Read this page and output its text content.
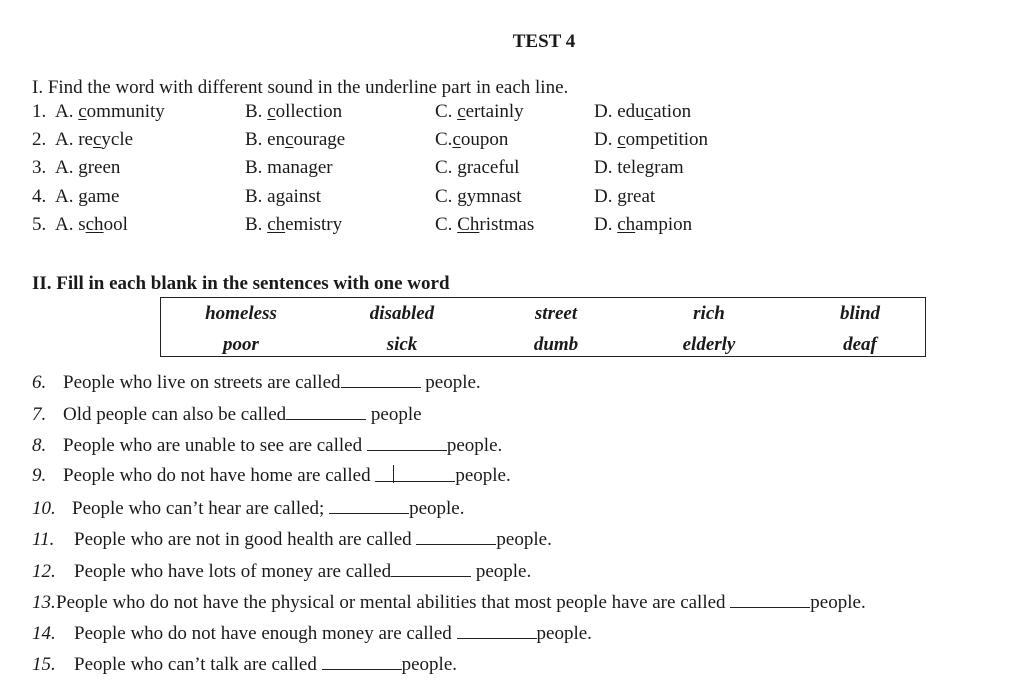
TEST 4
I. Find the word with different sound in the underline part in each line.
1. A. community	B. collection	C. certainly	D. education
2. A. recycle	B. encourage	C.coupon	D. competition
3. A. green	B. manager	C. graceful	D. telegram
4. A. game	B. against	C. gymnast	D. great
5. A. school	B. chemistry	C. Christmas	D. champion
II. Fill in each blank in the sentences with one word
homeless	disabled	street	rich	blind
poor	sick	dumb	elderly	deaf
6. People who live on streets are called	people.
7. Old people can also be called	people
8. People who are unable to see are called	people.
9. People who do not have home are called	people.
10. People who can’t hear are called;	people.
11. People who are not in good health are called	people.
12. People who have lots of money are called	people.
13.People who do not have the physical or mental abilities that most people have are called	people.
14. People who do not have enough money are called	people.
15. People who can’t talk are called	people.
